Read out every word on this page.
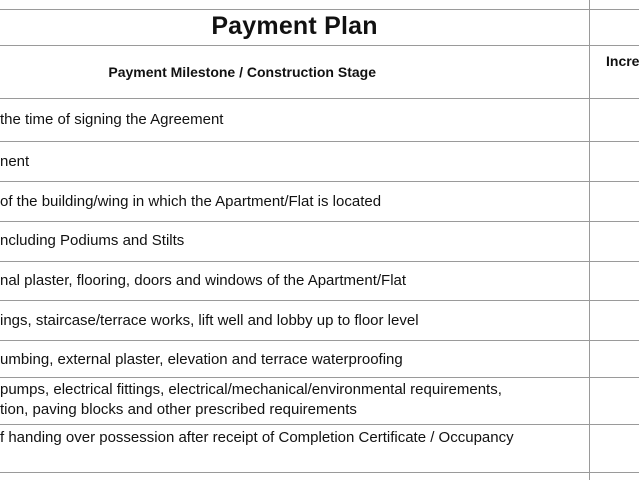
Payment Plan
Payment Milestone / Construction Stage
Incre
the time of signing the Agreement
nent
of the building/wing in which the Apartment/Flat is located
ncluding Podiums and Stilts
nal plaster, flooring, doors and windows of the Apartment/Flat
ings, staircase/terrace works, lift well and lobby up to floor level
umbing, external plaster, elevation and terrace waterproofing
pumps, electrical fittings, electrical/mechanical/environmental requirements,
tion, paving blocks and other prescribed requirements
f handing over possession after receipt of Completion Certificate / Occupancy
